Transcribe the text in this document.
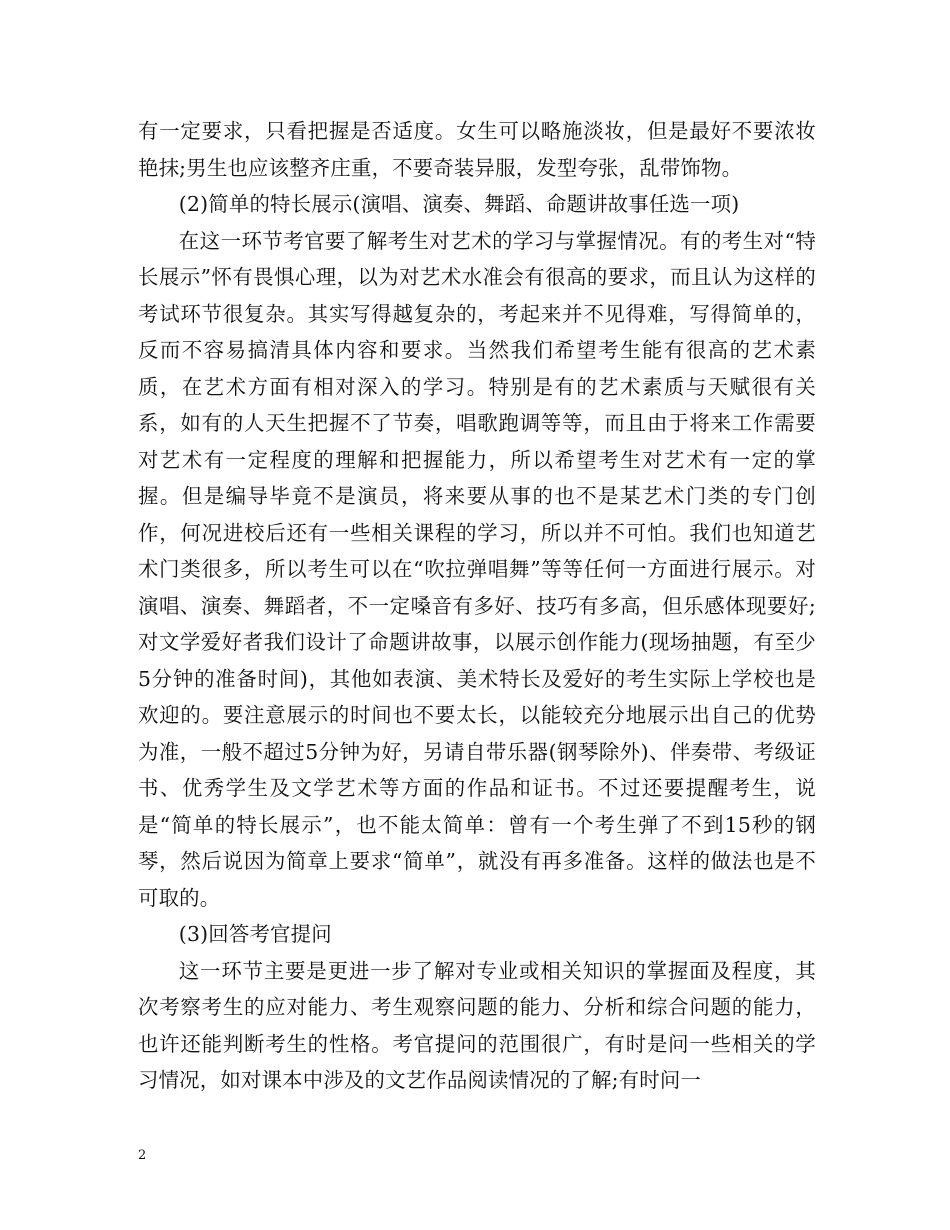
有一定要求，只看把握是否适度。女生可以略施淡妆，但是最好不要浓妆艳抹;男生也应该整齐庄重，不要奇装异服，发型夸张，乱带饰物。

(2)简单的特长展示(演唱、演奏、舞蹈、命题讲故事任选一项)

在这一环节考官要了解考生对艺术的学习与掌握情况。有的考生对“特长展示”怀有畏惧心理，以为对艺术水准会有很高的要求，而且认为这样的考试环节很复杂。其实写得越复杂的，考起来并不见得难，写得简单的，反而不容易搞清具体内容和要求。当然我们希望考生能有很高的艺术素质，在艺术方面有相对深入的学习。特别是有的艺术素质与天赋很有关系，如有的人天生把握不了节奏，唱歌跑调等等，而且由于将来工作需要对艺术有一定程度的理解和把握能力，所以希望考生对艺术有一定的掌握。但是编导毕竟不是演员，将来要从事的也不是某艺术门类的专门创作，何况进校后还有一些相关课程的学习，所以并不可怕。我们也知道艺术门类很多，所以考生可以在“吹拉弹唱舞”等等任何一方面进行展示。对演唱、演奏、舞蹈者，不一定嗓音有多好、技巧有多高，但乐感体现要好;对文学爱好者我们设计了命题讲故事，以展示创作能力(现场抽题，有至少5分钟的准备时间)，其他如表演、美术特长及爱好的考生实际上学校也是欢迎的。要注意展示的时间也不要太长，以能较充分地展示出自己的优势为准，一般不超过5分钟为好，另请自带乐器(钢琴除外)、伴奏带、考级证书、优秀学生及文学艺术等方面的作品和证书。不过还要提醒考生，说是“简单的特长展示”，也不能太简单：曾有一个考生弹了不到15秒的钢琴，然后说因为简章上要求“简单”，就没有再多准备。这样的做法也是不可取的。

(3)回答考官提问

这一环节主要是更进一步了解对专业或相关知识的掌握面及程度，其次考察考生的应对能力、考生观察问题的能力、分析和综合问题的能力，也许还能判断考生的性格。考官提问的范围很广，有时是问一些相关的学习情况，如对课本中涉及的文艺作品阅读情况的了解;有时问一

2
